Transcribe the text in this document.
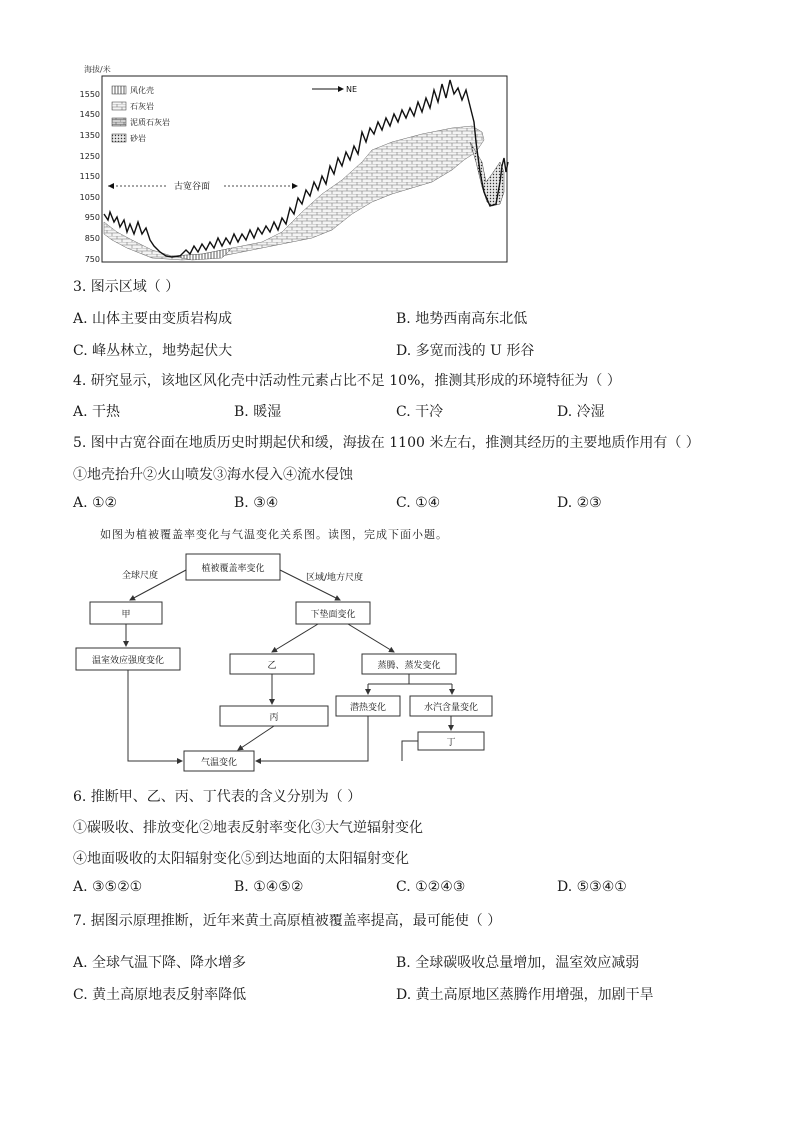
海拔/米
1550
1450
1350
1250
1150
1050
950
850
750
风化壳
石灰岩
泥质石灰岩
砂岩
NE
古宽谷面
3. 图示区域（ ）
A. 山体主要由变质岩构成	B. 地势西南高东北低
C. 峰丛林立，地势起伏大	D. 多宽而浅的 U 形谷
4. 研究显示，该地区风化壳中活动性元素占比不足 10%，推测其形成的环境特征为（ ）
A. 干热	B. 暖湿	C. 干冷	D. 冷湿
5. 图中古宽谷面在地质历史时期起伏和缓，海拔在 1100 米左右，推测其经历的主要地质作用有（ ）
①地壳抬升②火山喷发③海水侵入④流水侵蚀
A. ①②	B. ③④	C. ①④	D. ②③
如图为植被覆盖率变化与气温变化关系图。读图，完成下面小题。
植被覆盖率变化
全球尺度	区域/地方尺度
甲
温室效应强度变化
下垫面变化
乙	蒸腾、蒸发变化
丙
潜热变化	水汽含量变化
丁
气温变化
6. 推断甲、乙、丙、丁代表的含义分别为（ ）
①碳吸收、排放变化②地表反射率变化③大气逆辐射变化
④地面吸收的太阳辐射变化⑤到达地面的太阳辐射变化
A. ③⑤②①	B. ①④⑤②	C. ①②④③	D. ⑤③④①
7. 据图示原理推断，近年来黄土高原植被覆盖率提高，最可能使（ ）
A. 全球气温下降、降水增多	B. 全球碳吸收总量增加，温室效应减弱
C. 黄土高原地表反射率降低	D. 黄土高原地区蒸腾作用增强，加剧干旱
